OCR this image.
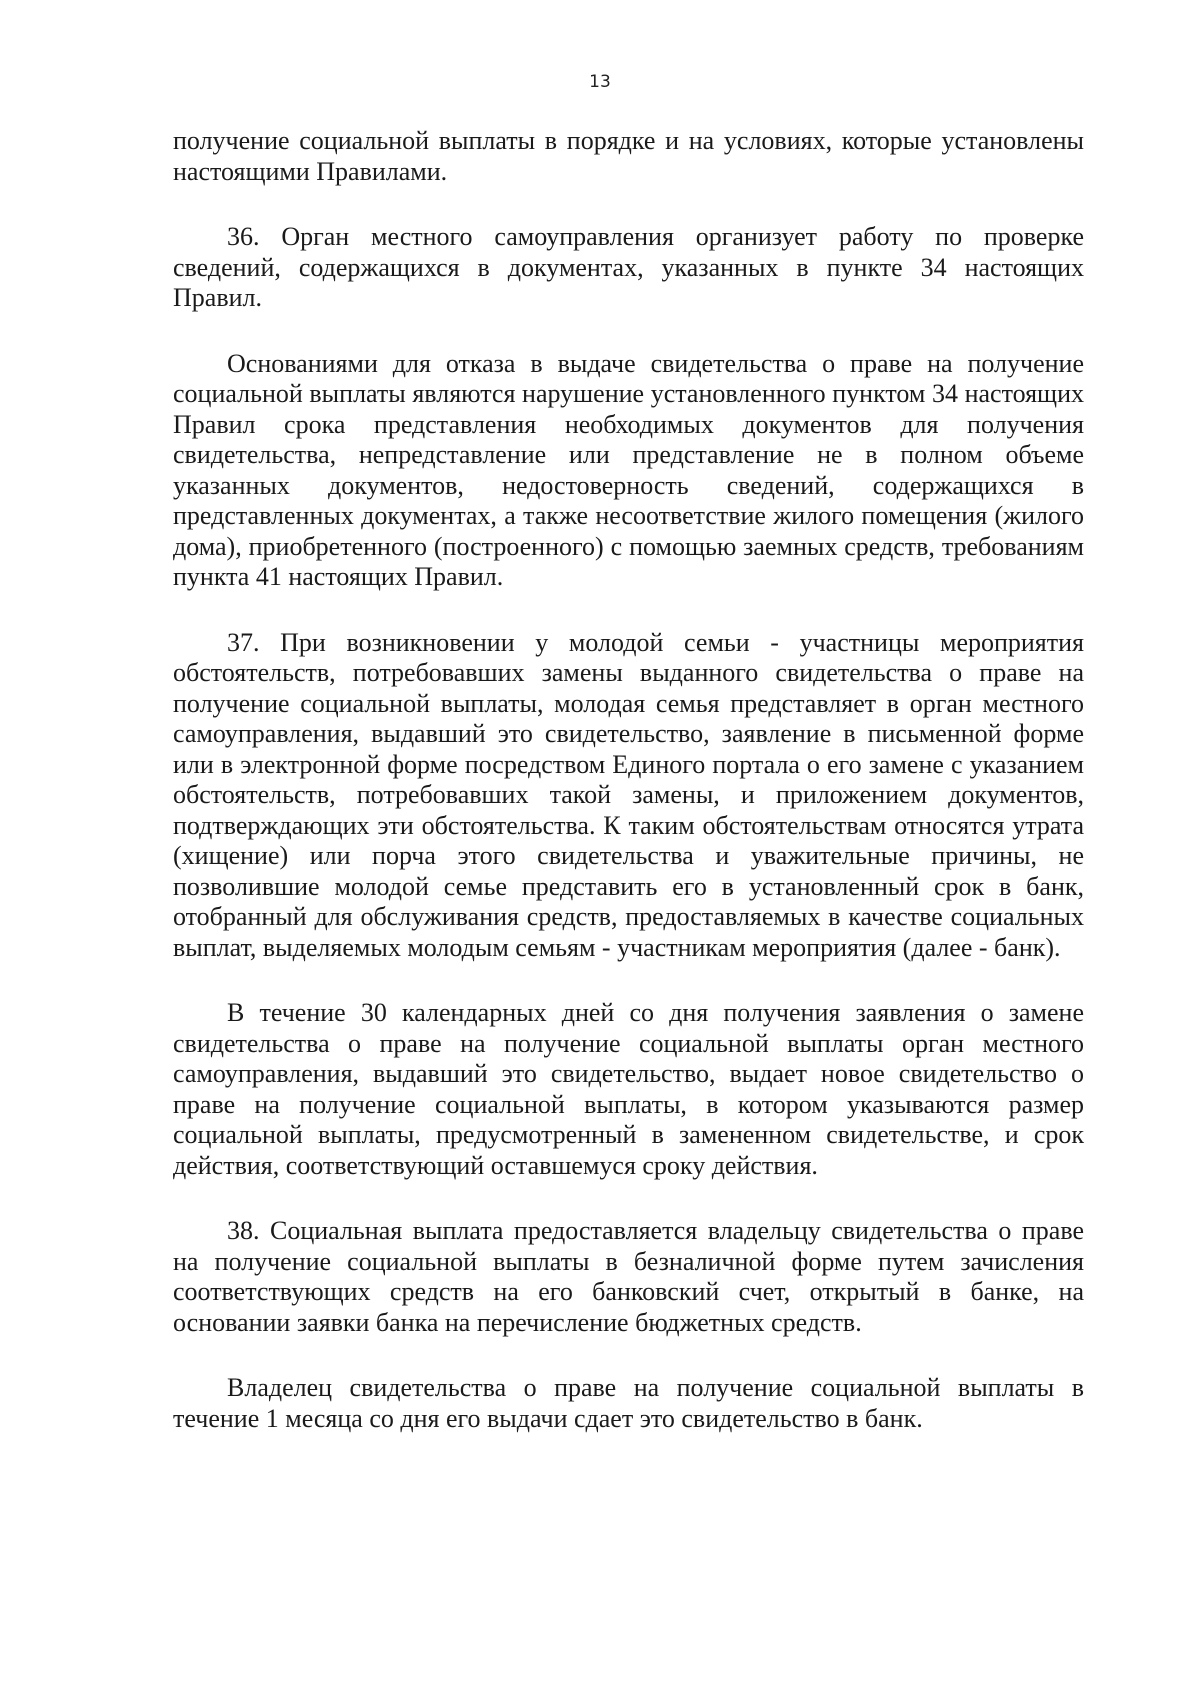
13

получение социальной выплаты в порядке и на условиях, которые установлены настоящими Правилами.

36. Орган местного самоуправления организует работу по проверке сведений, содержащихся в документах, указанных в пункте 34 настоящих Правил.

Основаниями для отказа в выдаче свидетельства о праве на получение социальной выплаты являются нарушение установленного пунктом 34 настоящих Правил срока представления необходимых документов для получения свидетельства, непредставление или представление не в полном объеме указанных документов, недостоверность сведений, содержащихся в представленных документах, а также несоответствие жилого помещения (жилого дома), приобретенного (построенного) с помощью заемных средств, требованиям пункта 41 настоящих Правил.

37. При возникновении у молодой семьи - участницы мероприятия обстоятельств, потребовавших замены выданного свидетельства о праве на получение социальной выплаты, молодая семья представляет в орган местного самоуправления, выдавший это свидетельство, заявление в письменной форме или в электронной форме посредством Единого портала о его замене с указанием обстоятельств, потребовавших такой замены, и приложением документов, подтверждающих эти обстоятельства. К таким обстоятельствам относятся утрата (хищение) или порча этого свидетельства и уважительные причины, не позволившие молодой семье представить его в установленный срок в банк, отобранный для обслуживания средств, предоставляемых в качестве социальных выплат, выделяемых молодым семьям - участникам мероприятия (далее - банк).

В течение 30 календарных дней со дня получения заявления о замене свидетельства о праве на получение социальной выплаты орган местного самоуправления, выдавший это свидетельство, выдает новое свидетельство о праве на получение социальной выплаты, в котором указываются размер социальной выплаты, предусмотренный в замененном свидетельстве, и срок действия, соответствующий оставшемуся сроку действия.

38. Социальная выплата предоставляется владельцу свидетельства о праве на получение социальной выплаты в безналичной форме путем зачисления соответствующих средств на его банковский счет, открытый в банке, на основании заявки банка на перечисление бюджетных средств.

Владелец свидетельства о праве на получение социальной выплаты в течение 1 месяца со дня его выдачи сдает это свидетельство в банк.
